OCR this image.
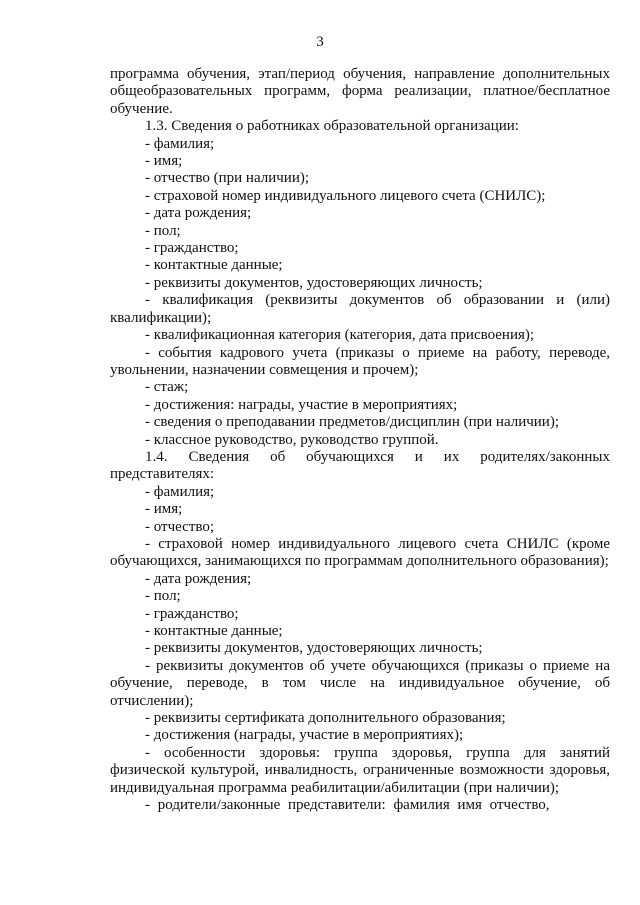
3

программа обучения, этап/период обучения, направление дополнительных общеобразовательных программ, форма реализации, платное/бесплатное обучение.

1.3. Сведения о работниках образовательной организации:

- фамилия;

- имя;

- отчество (при наличии);

- страховой номер индивидуального лицевого счета (СНИЛС);

- дата рождения;

- пол;

- гражданство;

- контактные данные;

- реквизиты документов, удостоверяющих личность;

- квалификация (реквизиты документов об образовании и (или) квалификации);

- квалификационная категория (категория, дата присвоения);

- события кадрового учета (приказы о приеме на работу, переводе, увольнении, назначении совмещения и прочем);

- стаж;

- достижения: награды, участие в мероприятиях;

- сведения о преподавании предметов/дисциплин (при наличии);

- классное руководство, руководство группой.

1.4. Сведения об обучающихся и их родителях/законных представителях:

- фамилия;

- имя;

- отчество;

- страховой номер индивидуального лицевого счета СНИЛС (кроме обучающихся, занимающихся по программам дополнительного образования);

- дата рождения;

- пол;

- гражданство;

- контактные данные;

- реквизиты документов, удостоверяющих личность;

- реквизиты документов об учете обучающихся (приказы о приеме на обучение, переводе, в том числе на индивидуальное обучение, об отчислении);

- реквизиты сертификата дополнительного образования;

- достижения (награды, участие в мероприятиях);

- особенности здоровья: группа здоровья, группа для занятий физической культурой, инвалидность, ограниченные возможности здоровья, индивидуальная программа реабилитации/абилитации (при наличии);

- родители/законные представители: фамилия имя отчество,
